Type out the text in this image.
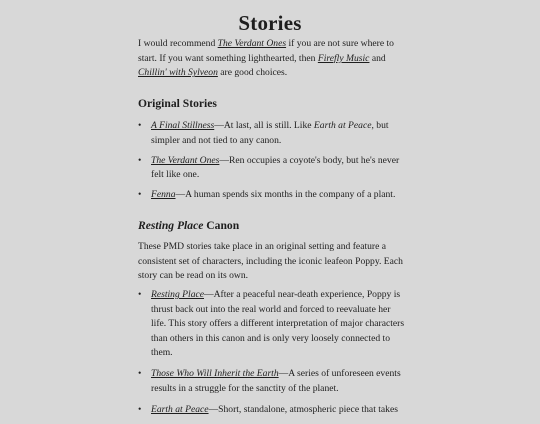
Stories

I would recommend The Verdant Ones if you are not sure where to start. If you want something lighthearted, then Firefly Music and Chillin' with Sylveon are good choices.

Original Stories
• A Final Stillness—At last, all is still. Like Earth at Peace, but simpler and not tied to any canon.
• The Verdant Ones—Ren occupies a coyote's body, but he's never felt like one.
• Fenna—A human spends six months in the company of a plant.
Resting Place Canon

These PMD stories take place in an original setting and feature a consistent set of characters, including the iconic leafeon Poppy. Each story can be read on its own.

• Resting Place—After a peaceful near-death experience, Poppy is thrust back out into the real world and forced to reevaluate her life. This story offers a different interpretation of major characters than others in this canon and is only very loosely connected to them.
• Those Who Will Inherit the Earth—A series of unforeseen events results in a struggle for the sanctity of the planet.
• Earth at Peace—Short, standalone, atmospheric piece that takes
